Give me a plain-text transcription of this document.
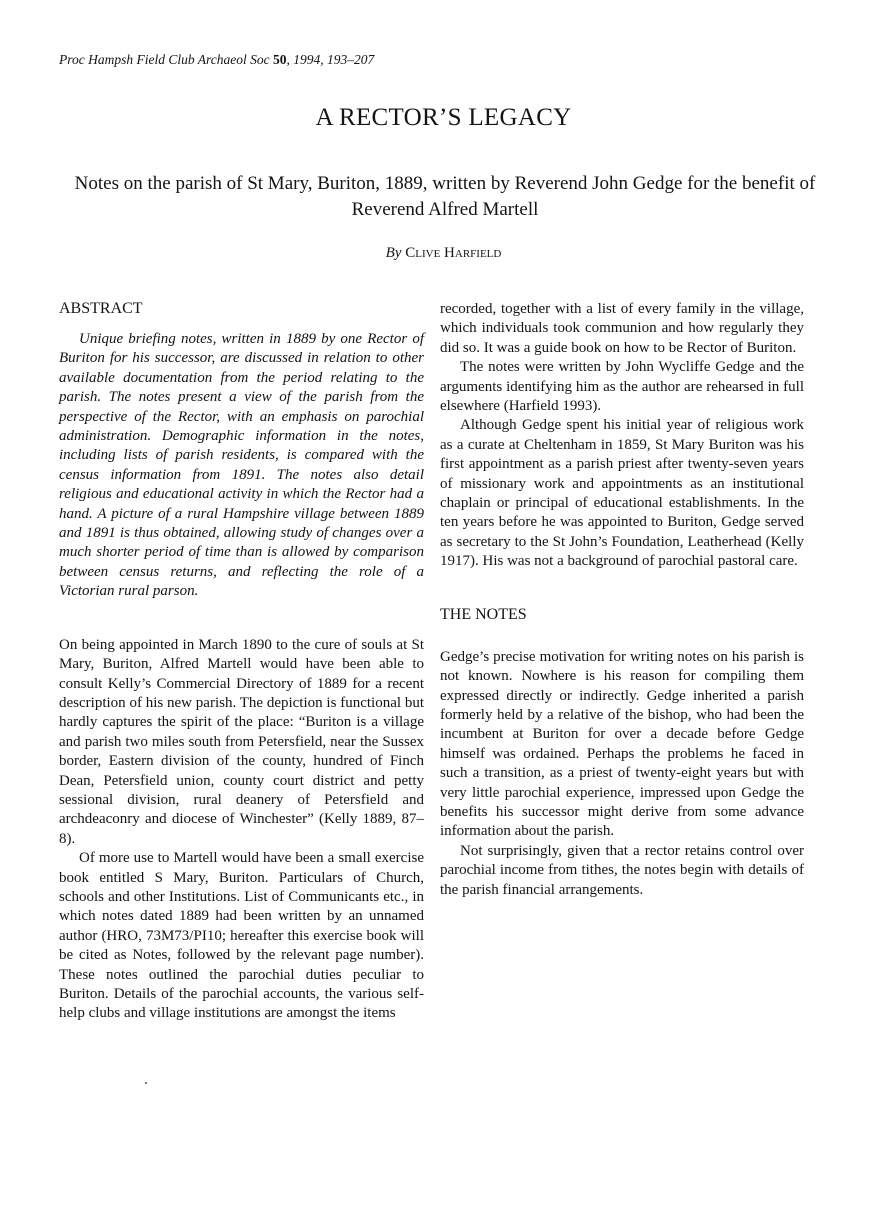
Proc Hampsh Field Club Archaeol Soc 50, 1994, 193–207
A RECTOR’S LEGACY
Notes on the parish of St Mary, Buriton, 1889, written by Reverend John Gedge for the benefit of Reverend Alfred Martell
By Clive Harfield
ABSTRACT

Unique briefing notes, written in 1889 by one Rector of Buriton for his successor, are discussed in relation to other available documentation from the period relating to the parish. The notes present a view of the parish from the perspective of the Rector, with an emphasis on parochial administration. Demographic information in the notes, including lists of parish residents, is compared with the census information from 1891. The notes also detail religious and educational activity in which the Rector had a hand. A picture of a rural Hampshire village between 1889 and 1891 is thus obtained, allowing study of changes over a much shorter period of time than is allowed by comparison between census returns, and reflecting the role of a Victorian rural parson.

On being appointed in March 1890 to the cure of souls at St Mary, Buriton, Alfred Martell would have been able to consult Kelly’s Commercial Directory of 1889 for a recent description of his new parish. The depiction is functional but hardly captures the spirit of the place: “Buriton is a village and parish two miles south from Petersfield, near the Sussex border, Eastern division of the county, hundred of Finch Dean, Petersfield union, county court district and petty sessional division, rural deanery of Petersfield and archdeaconry and diocese of Winchester” (Kelly 1889, 87–8).

Of more use to Martell would have been a small exercise book entitled S Mary, Buriton. Particulars of Church, schools and other Institutions. List of Communicants etc., in which notes dated 1889 had been written by an unnamed author (HRO, 73M73/PI10; hereafter this exercise book will be cited as Notes, followed by the relevant page number). These notes outlined the parochial duties peculiar to Buriton. Details of the parochial accounts, the various self-help clubs and village institutions are amongst the items

recorded, together with a list of every family in the village, which individuals took communion and how regularly they did so. It was a guide book on how to be Rector of Buriton.

The notes were written by John Wycliffe Gedge and the arguments identifying him as the author are rehearsed in full elsewhere (Harfield 1993).

Although Gedge spent his initial year of religious work as a curate at Cheltenham in 1859, St Mary Buriton was his first appointment as a parish priest after twenty-seven years of missionary work and appointments as an institutional chaplain or principal of educational establishments. In the ten years before he was appointed to Buriton, Gedge served as secretary to the St John’s Foundation, Leatherhead (Kelly 1917). His was not a background of parochial pastoral care.

THE NOTES

Gedge’s precise motivation for writing notes on his parish is not known. Nowhere is his reason for compiling them expressed directly or indirectly. Gedge inherited a parish formerly held by a relative of the bishop, who had been the incumbent at Buriton for over a decade before Gedge himself was ordained. Perhaps the problems he faced in such a transition, as a priest of twenty-eight years but with very little parochial experience, impressed upon Gedge the benefits his successor might derive from some advance information about the parish.

Not surprisingly, given that a rector retains control over parochial income from tithes, the notes begin with details of the parish financial arrangements.
